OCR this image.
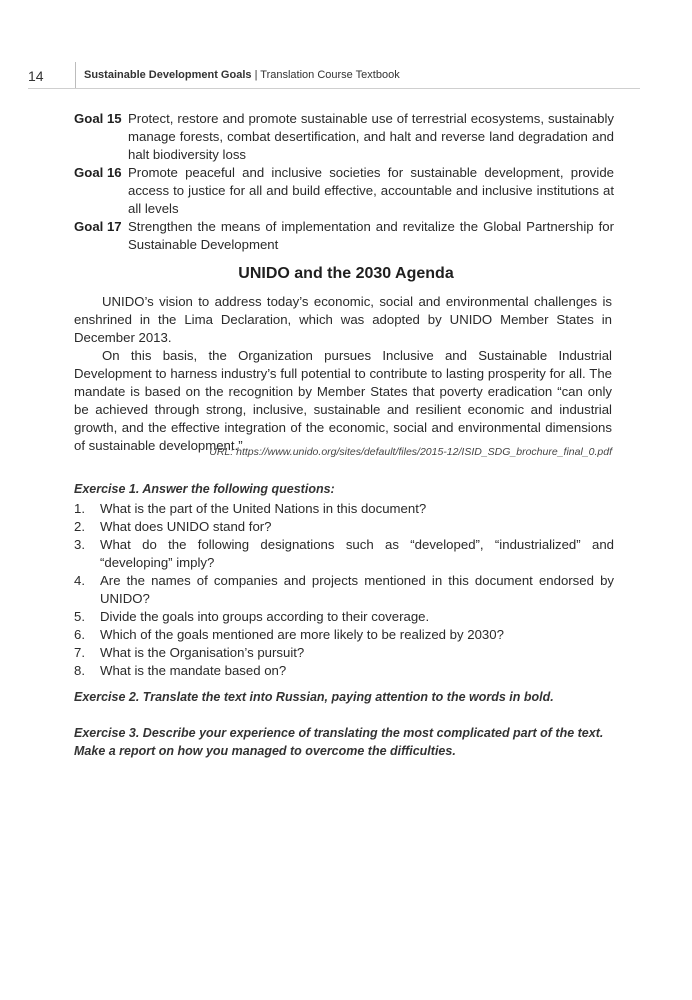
14	Sustainable Development Goals | Translation Course Textbook
Goal 15 Protect, restore and promote sustainable use of terrestrial ecosystems, sustainably manage forests, combat desertification, and halt and reverse land degradation and halt biodiversity loss
Goal 16 Promote peaceful and inclusive societies for sustainable development, provide access to justice for all and build effective, accountable and inclusive institutions at all levels
Goal 17 Strengthen the means of implementation and revitalize the Global Partnership for Sustainable Development
UNIDO and the 2030 Agenda
UNIDO’s vision to address today’s economic, social and environmental challenges is enshrined in the Lima Declaration, which was adopted by UNIDO Member States in December 2013.
On this basis, the Organization pursues Inclusive and Sustainable Industrial Development to harness industry’s full potential to contribute to lasting prosperity for all. The mandate is based on the recognition by Member States that poverty eradication “can only be achieved through strong, inclusive, sustainable and resilient economic and industrial growth, and the effective integration of the economic, social and environmental dimensions of sustainable development.”
URL: https://www.unido.org/sites/default/files/2015-12/ISID_SDG_brochure_final_0.pdf
Exercise 1. Answer the following questions:
1.	What is the part of the United Nations in this document?
2.	What does UNIDO stand for?
3.	What do the following designations such as “developed”, “industrialized” and “developing” imply?
4.	Are the names of companies and projects mentioned in this document endorsed by UNIDO?
5.	Divide the goals into groups according to their coverage.
6.	Which of the goals mentioned are more likely to be realized by 2030?
7.	What is the Organisation’s pursuit?
8.	What is the mandate based on?
Exercise 2. Translate the text into Russian, paying attention to the words in bold.
Exercise 3. Describe your experience of translating the most complicated part of the text. Make a report on how you managed to overcome the difficulties.
